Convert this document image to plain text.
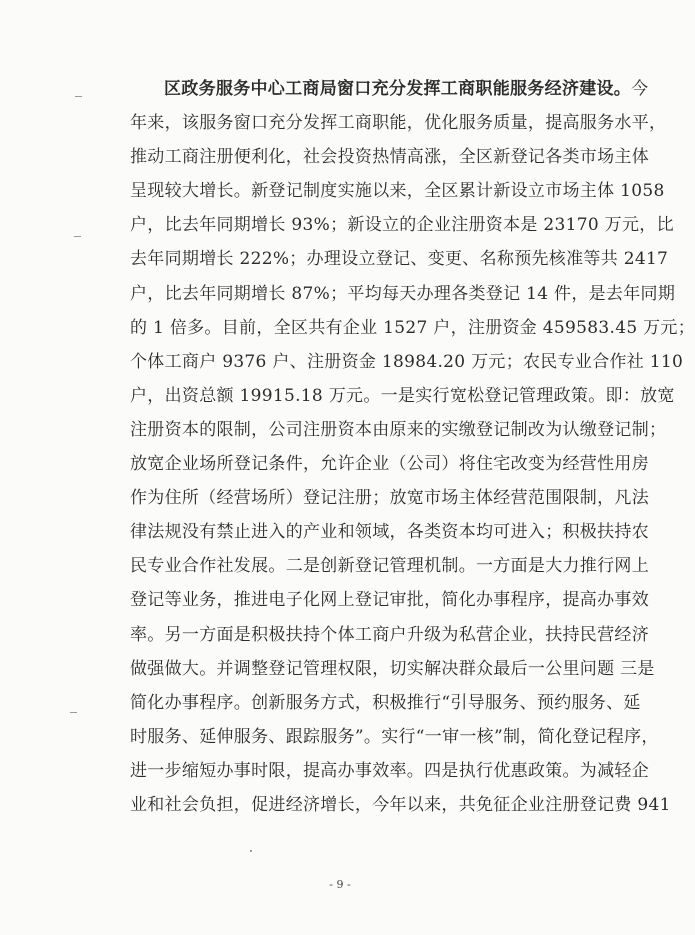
区政务服务中心工商局窗口充分发挥工商职能服务经济建设。今
年来，该服务窗口充分发挥工商职能，优化服务质量，提高服务水平，
推动工商注册便利化，社会投资热情高涨，全区新登记各类市场主体
呈现较大增长。新登记制度实施以来，全区累计新设立市场主体 1058
户，比去年同期增长 93%；新设立的企业注册资本是 23170 万元，比
去年同期增长 222%；办理设立登记、变更、名称预先核准等共 2417
户，比去年同期增长 87%；平均每天办理各类登记 14 件，是去年同期
的 1 倍多。目前，全区共有企业 1527 户，注册资金 459583.45 万元；
个体工商户 9376 户、注册资金 18984.20 万元；农民专业合作社 110
户，出资总额 19915.18 万元。一是实行宽松登记管理政策。即：放宽
注册资本的限制，公司注册资本由原来的实缴登记制改为认缴登记制；
放宽企业场所登记条件，允许企业（公司）将住宅改变为经营性用房
作为住所（经营场所）登记注册；放宽市场主体经营范围限制，凡法
律法规没有禁止进入的产业和领域，各类资本均可进入；积极扶持农
民专业合作社发展。二是创新登记管理机制。一方面是大力推行网上
登记等业务，推进电子化网上登记审批，简化办事程序，提高办事效
率。另一方面是积极扶持个体工商户升级为私营企业，扶持民营经济
做强做大。并调整登记管理权限，切实解决群众最后一公里问题 三是
简化办事程序。创新服务方式，积极推行“引导服务、预约服务、延
时服务、延伸服务、跟踪服务”。实行“一审一核”制，简化登记程序，
进一步缩短办事时限，提高办事效率。四是执行优惠政策。为减轻企
业和社会负担，促进经济增长，今年以来，共免征企业注册登记费 941
- 9 -
